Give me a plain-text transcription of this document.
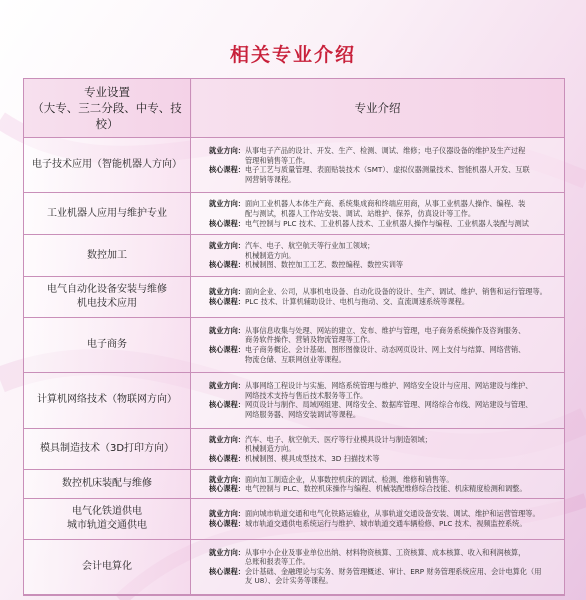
相关专业介绍
专业设置
（大专、三二分段、中专、技校）	专业介绍

电子技术应用（智能机器人方向）	就业方向：从事电子产品的设计、开发、生产、检测、调试、维修；电子仪器设备的维护及生产过程
管理和销售等工作。
核心课程：电子工艺与质量管理、表面贴装技术（SMT）、虚拟仪器测量技术、智能机器人开发、互联
网营销等课程。

工业机器人应用与维护专业	就业方向：面向工业机器人本体生产商、系统集成商和终端应用商，从事工业机器人操作、编程、装
配与测试，机器人工作站安装、调试、站维护、保养，仿真设计等工作。
核心课程：电气控制与 PLC 技术、工业机器人技术、工业机器人操作与编程、工业机器人装配与测试

数控加工	就业方向：汽车、电子、航空航天等行业加工领域；
机械制造方向。
核心课程：机械制图、数控加工工艺、数控编程、数控实训等

电气自动化设备安装与维修
机电技术应用	就业方向：面向企业、公司，从事机电设备、自动化设备的设计、生产、调试、维护、销售和运行管理等。
核心课程：PLC 技术、计算机辅助设计、电机与拖动、交、直流调速系统等课程。

电子商务	就业方向：从事信息收集与处理、网站的建立、发布、维护与管理，电子商务系统操作及咨询服务、
商务软件操作、营销及物流管理等工作。
核心课程：电子商务概论、会计基础、图形图像设计、动态网页设计、网上支付与结算、网络营销、
物流仓储、互联网创业等课程。

计算机网络技术（物联网方向）	就业方向：从事网络工程设计与实施、网络系统管理与维护、网络安全设计与应用、网站建设与维护、
网络技术支持与售后技术服务等工作。
核心课程：网页设计与制作、局域网组建、网络安全、数据库管理、网络综合布线、网站建设与管理、
网络服务器、网络安装调试等课程。

模具制造技术（3D打印方向）	就业方向：汽车、电子、航空航天、医疗等行业模具设计与制造领域；
机械制造方向。
核心课程：机械制图、模具成型技术、3D 扫描技术等

数控机床装配与维修	就业方向：面向加工制造企业，从事数控机床的调试、检测、维修和销售等。
核心课程：电气控制与 PLC、数控机床操作与编程、机械装配维修综合技能、机床精度检测和调整。

电气化铁道供电
城市轨道交通供电	就业方向：面向城市轨道交通和电气化铁路运输业，从事轨道交通设备安装、调试、维护和运营管理等。
核心课程：城市轨道交通供电系统运行与维护、城市轨道交通车辆检修、PLC 技术、视频监控系统。

会计电算化	就业方向：从事中小企业及事业单位出纳、材料物资核算、工资核算、成本核算、收入和利润核算，
总账和报表等工作。
核心课程：会计基础、金融理论与实务、财务管理概述、审计、ERP 财务管理系统应用、会计电算化（用
友 U8）、会计实务等课程。
